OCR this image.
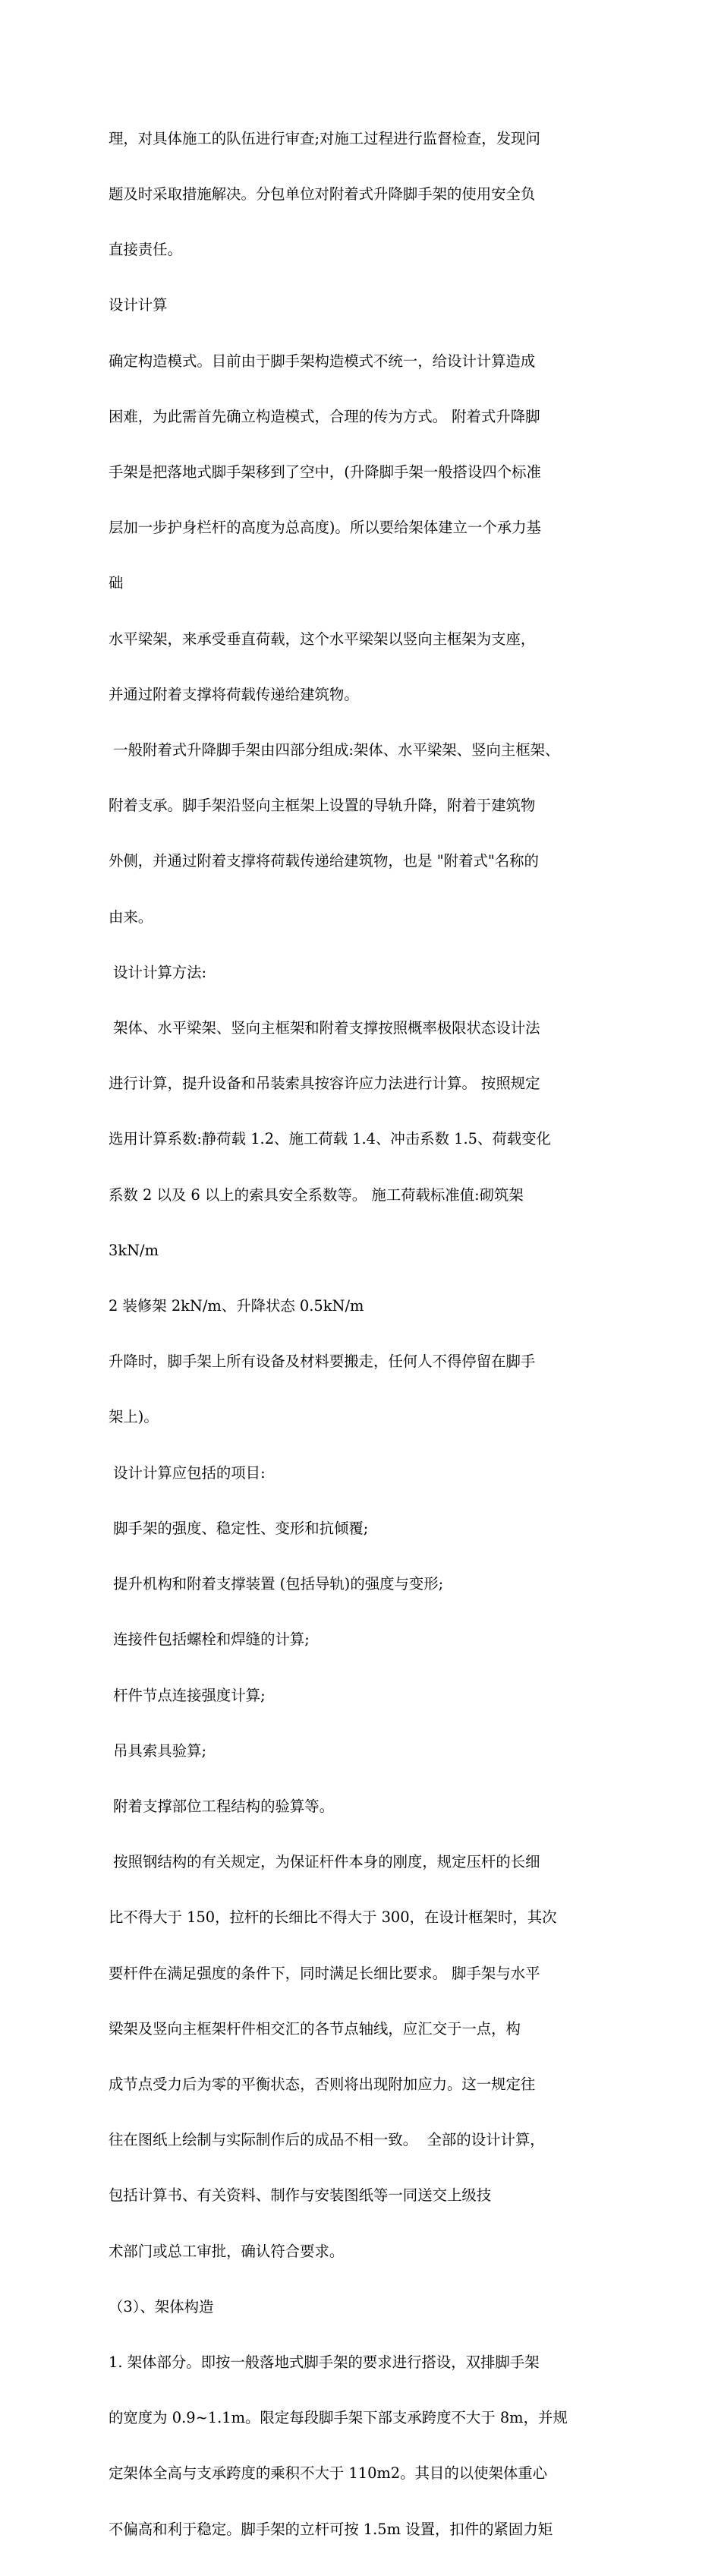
理，对具体施工的队伍进行审查;对施工过程进行监督检查，发现问

题及时采取措施解决。分包单位对附着式升降脚手架的使用安全负

直接责任。

设计计算

确定构造模式。目前由于脚手架构造模式不统一，给设计计算造成

困难，为此需首先确立构造模式，合理的传为方式。 附着式升降脚

手架是把落地式脚手架移到了空中，(升降脚手架一般搭设四个标准

层加一步护身栏杆的高度为总高度)。所以要给架体建立一个承力基

础

水平梁架，来承受垂直荷载，这个水平梁架以竖向主框架为支座，

并通过附着支撑将荷载传递给建筑物。

一般附着式升降脚手架由四部分组成:架体、水平梁架、竖向主框架、

附着支承。脚手架沿竖向主框架上设置的导轨升降，附着于建筑物

外侧，并通过附着支撑将荷载传递给建筑物，也是 "附着式"名称的

由来。

设计计算方法:

架体、水平梁架、竖向主框架和附着支撑按照概率极限状态设计法

进行计算，提升设备和吊装索具按容许应力法进行计算。 按照规定

选用计算系数:静荷载 1.2、施工荷载 1.4、冲击系数 1.5、荷载变化

系数 2 以及 6 以上的索具安全系数等。 施工荷载标准值:砌筑架

3kN/m

2 装修架 2kN/m、升降状态 0.5kN/m

升降时，脚手架上所有设备及材料要搬走，任何人不得停留在脚手

架上)。

设计计算应包括的项目:

脚手架的强度、稳定性、变形和抗倾覆;

提升机构和附着支撑装置 (包括导轨)的强度与变形;

连接件包括螺栓和焊缝的计算;

杆件节点连接强度计算;

吊具索具验算;

附着支撑部位工程结构的验算等。

按照钢结构的有关规定，为保证杆件本身的刚度，规定压杆的长细

比不得大于 150，拉杆的长细比不得大于 300，在设计框架时，其次

要杆件在满足强度的条件下，同时满足长细比要求。 脚手架与水平

梁架及竖向主框架杆件相交汇的各节点轴线，应汇交于一点，构

成节点受力后为零的平衡状态，否则将出现附加应力。这一规定往

往在图纸上绘制与实际制作后的成品不相一致。  全部的设计计算，

包括计算书、有关资料、制作与安装图纸等一同送交上级技

术部门或总工审批，确认符合要求。

（3）、架体构造

1. 架体部分。即按一般落地式脚手架的要求进行搭设，双排脚手架

的宽度为 0.9~1.1m。限定每段脚手架下部支承跨度不大于 8m，并规

定架体全高与支承跨度的乘积不大于 110m2。其目的以使架体重心

不偏高和利于稳定。脚手架的立杆可按 1.5m 设置，扣件的紧固力矩
